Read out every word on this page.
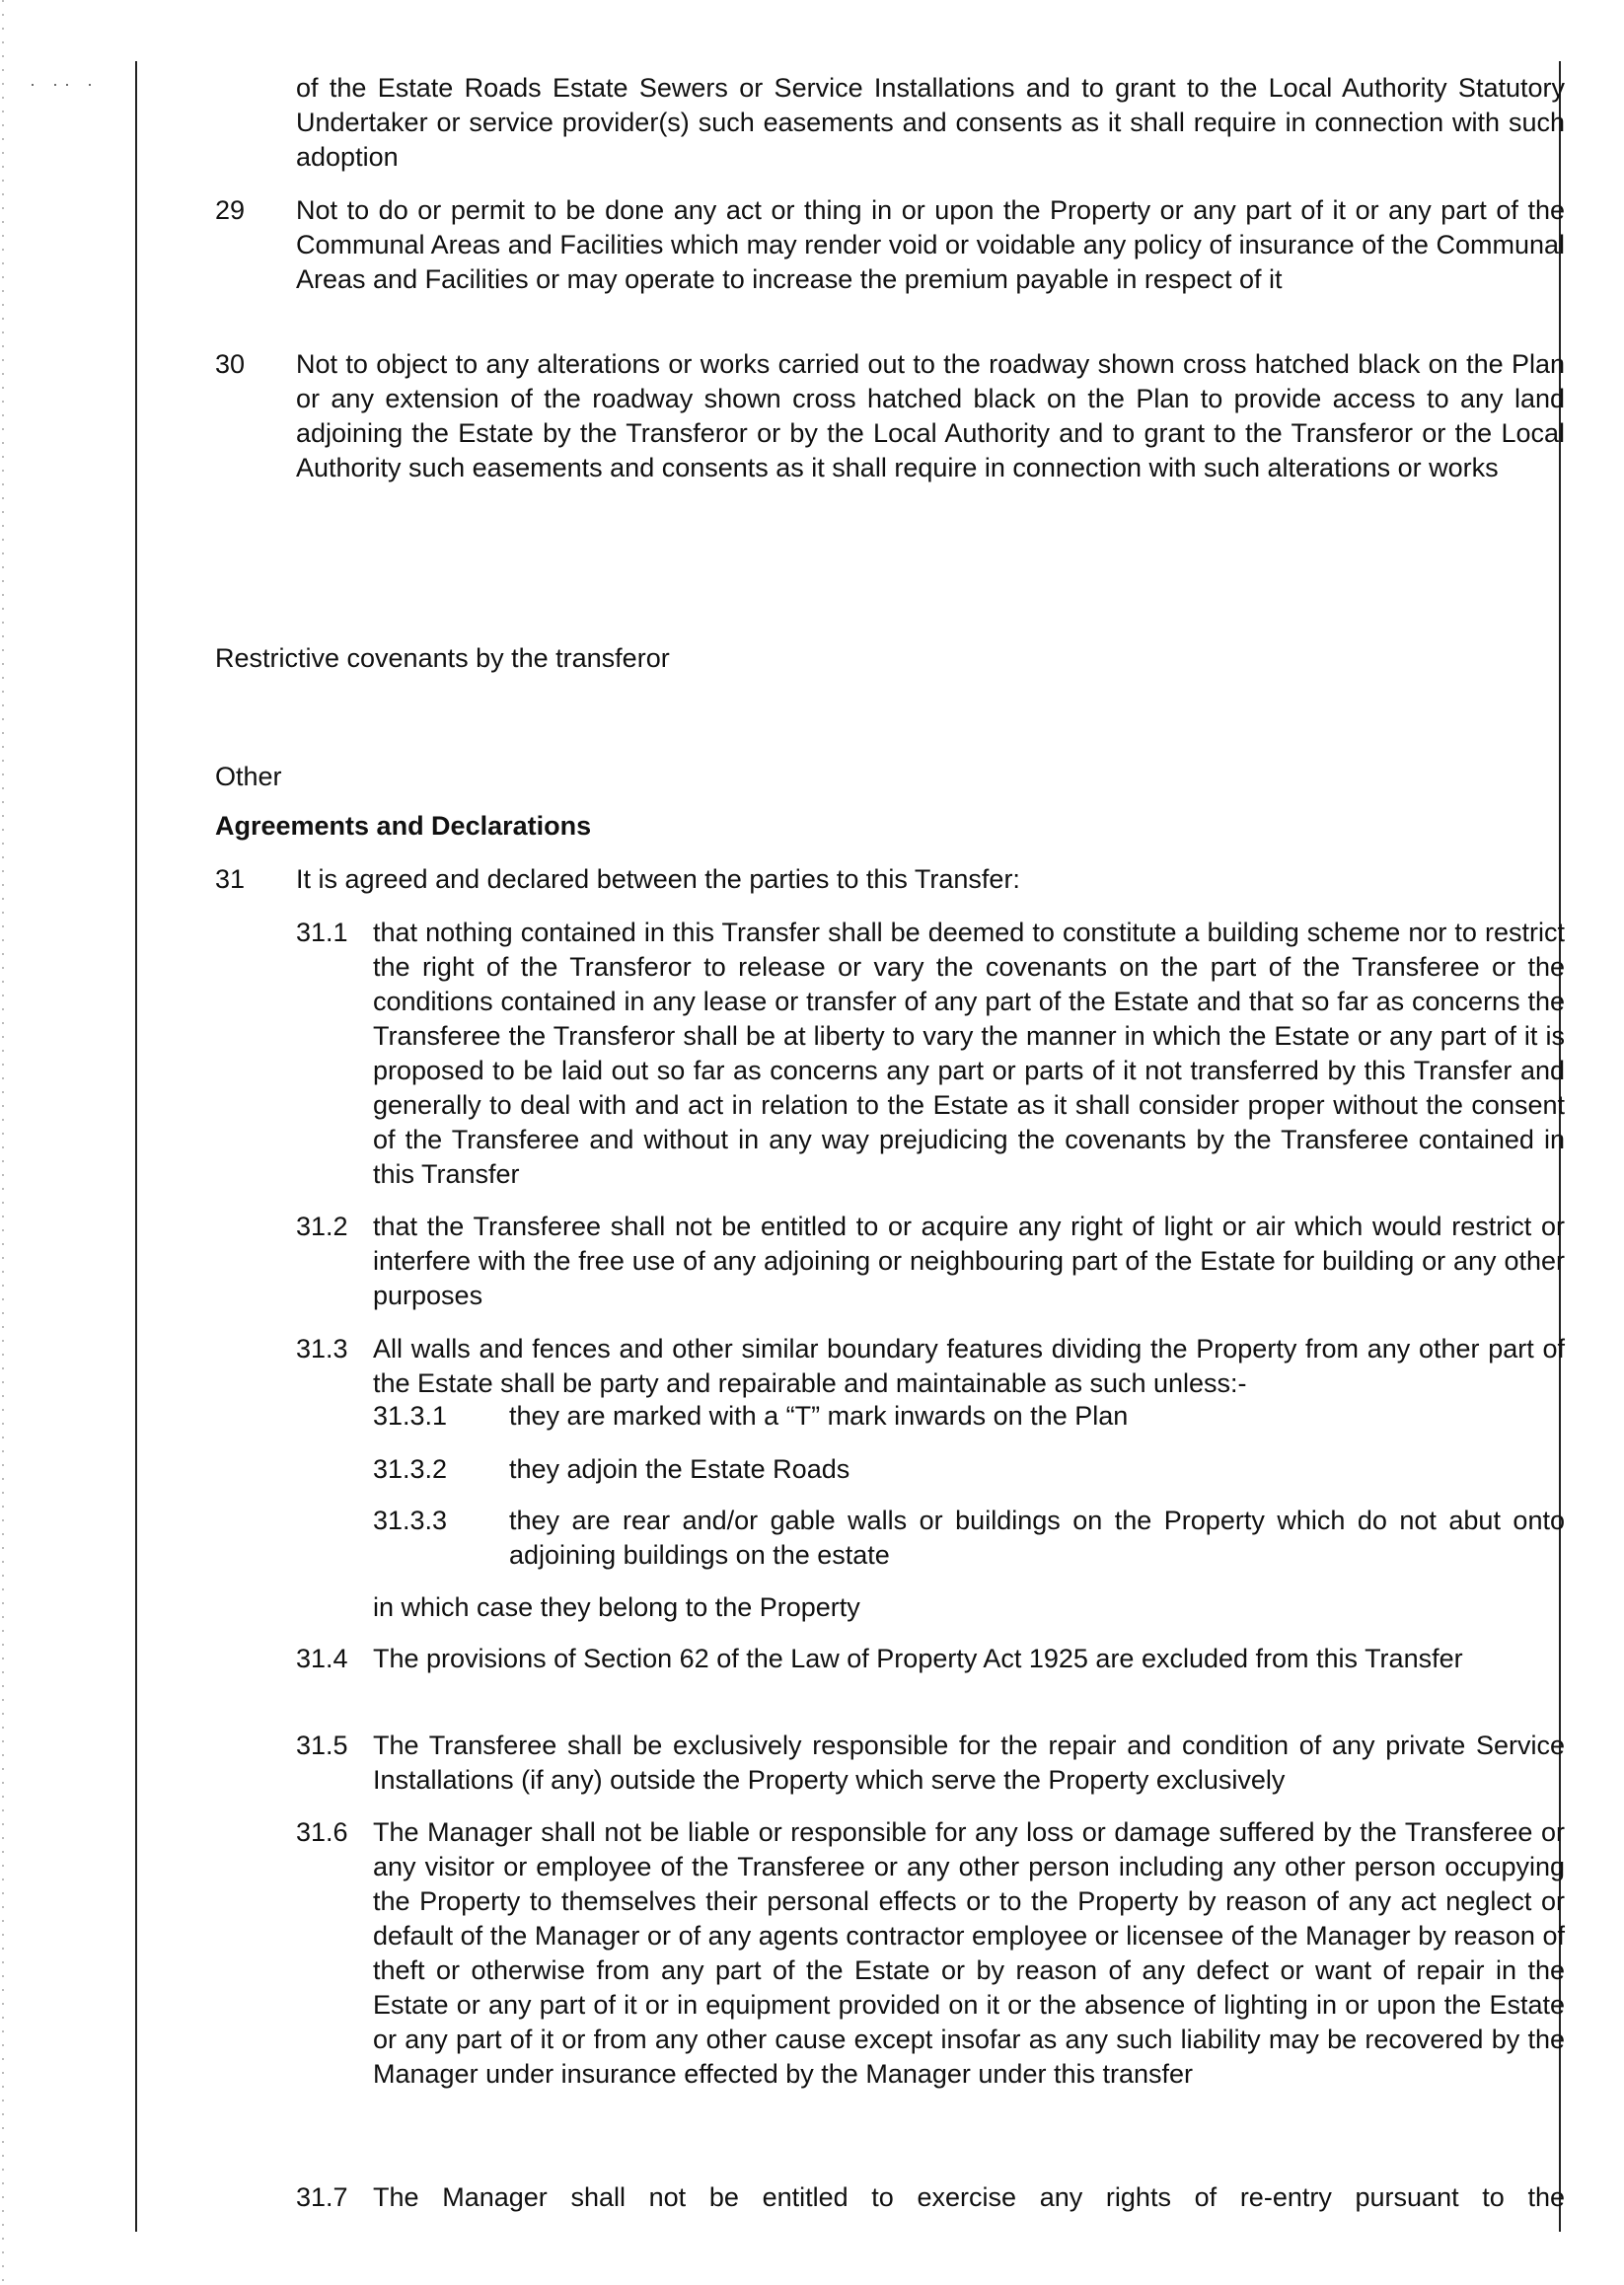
· ·· ·	of the Estate Roads Estate Sewers or Service Installations and to grant to the Local Authority Statutory Undertaker or service provider(s) such easements and consents as it shall require in connection with such adoption
29 Not to do or permit to be done any act or thing in or upon the Property or any part of it or any part of the Communal Areas and Facilities which may render void or voidable any policy of insurance of the Communal Areas and Facilities or may operate to increase the premium payable in respect of it
30 Not to object to any alterations or works carried out to the roadway shown cross hatched black on the Plan or any extension of the roadway shown cross hatched black on the Plan to provide access to any land adjoining the Estate by the Transferor or by the Local Authority and to grant to the Transferor or the Local Authority such easements and consents as it shall require in connection with such alterations or works
Restrictive covenants by the transferor
Other
Agreements and Declarations
31 It is agreed and declared between the parties to this Transfer:
31.1 that nothing contained in this Transfer shall be deemed to constitute a building scheme nor to restrict the right of the Transferor to release or vary the covenants on the part of the Transferee or the conditions contained in any lease or transfer of any part of the Estate and that so far as concerns the Transferee the Transferor shall be at liberty to vary the manner in which the Estate or any part of it is proposed to be laid out so far as concerns any part or parts of it not transferred by this Transfer and generally to deal with and act in relation to the Estate as it shall consider proper without the consent of the Transferee and without in any way prejudicing the covenants by the Transferee contained in this Transfer
31.2 that the Transferee shall not be entitled to or acquire any right of light or air which would restrict or interfere with the free use of any adjoining or neighbouring part of the Estate for building or any other purposes
31.3 All walls and fences and other similar boundary features dividing the Property from any other part of the Estate shall be party and repairable and maintainable as such unless:-
31.3.1 they are marked with a “T” mark inwards on the Plan
31.3.2 they adjoin the Estate Roads
31.3.3 they are rear and/or gable walls or buildings on the Property which do not abut onto adjoining buildings on the estate
in which case they belong to the Property
31.4 The provisions of Section 62 of the Law of Property Act 1925 are excluded from this Transfer
31.5 The Transferee shall be exclusively responsible for the repair and condition of any private Service Installations (if any) outside the Property which serve the Property exclusively
31.6 The Manager shall not be liable or responsible for any loss or damage suffered by the Transferee or any visitor or employee of the Transferee or any other person including any other person occupying the Property to themselves their personal effects or to the Property by reason of any act neglect or default of the Manager or of any agents contractor employee or licensee of the Manager by reason of theft or otherwise from any part of the Estate or by reason of any defect or want of repair in the Estate or any part of it or in equipment provided on it or the absence of lighting in or upon the Estate or any part of it or from any other cause except insofar as any such liability may be recovered by the Manager under insurance effected by the Manager under this transfer
31.7 The Manager shall not be entitled to exercise any rights of re-entry pursuant to the
